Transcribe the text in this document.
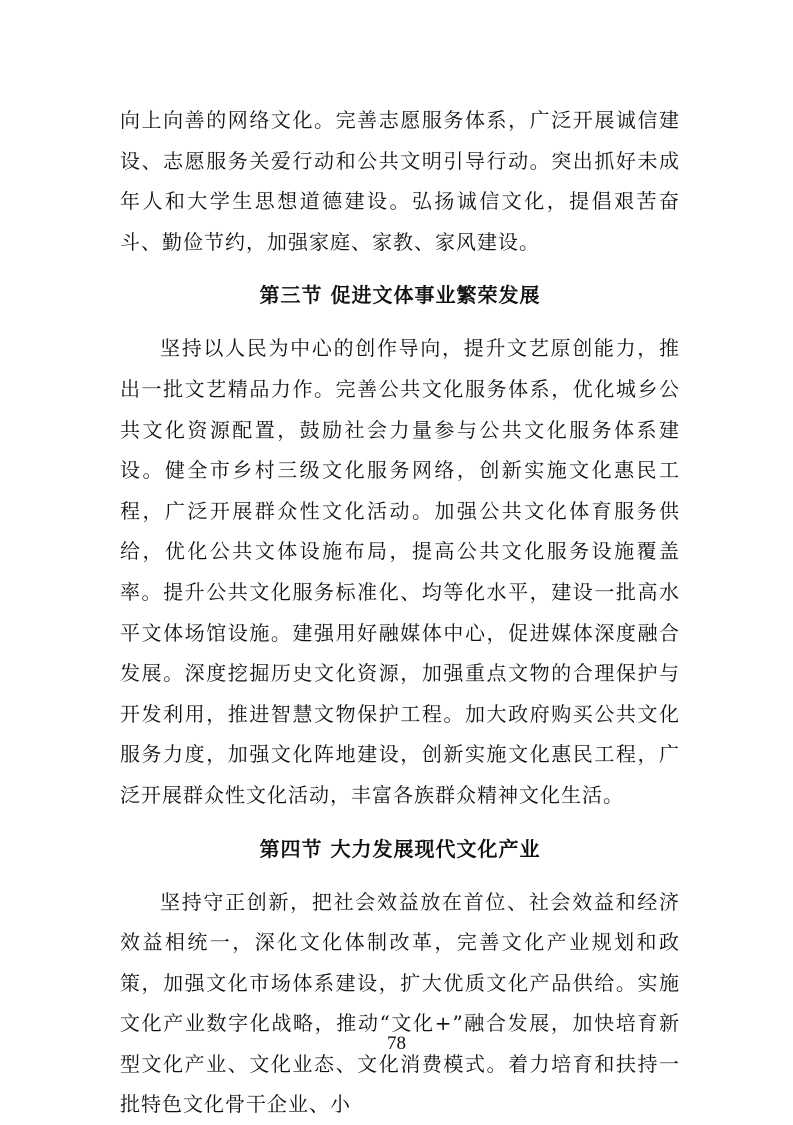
向上向善的网络文化。完善志愿服务体系，广泛开展诚信建设、志愿服务关爱行动和公共文明引导行动。突出抓好未成年人和大学生思想道德建设。弘扬诚信文化，提倡艰苦奋斗、勤俭节约，加强家庭、家教、家风建设。

第三节 促进文体事业繁荣发展

坚持以人民为中心的创作导向，提升文艺原创能力，推出一批文艺精品力作。完善公共文化服务体系，优化城乡公共文化资源配置，鼓励社会力量参与公共文化服务体系建设。健全市乡村三级文化服务网络，创新实施文化惠民工程，广泛开展群众性文化活动。加强公共文化体育服务供给，优化公共文体设施布局，提高公共文化服务设施覆盖率。提升公共文化服务标准化、均等化水平，建设一批高水平文体场馆设施。建强用好融媒体中心，促进媒体深度融合发展。深度挖掘历史文化资源，加强重点文物的合理保护与开发利用，推进智慧文物保护工程。加大政府购买公共文化服务力度，加强文化阵地建设，创新实施文化惠民工程，广泛开展群众性文化活动，丰富各族群众精神文化生活。

第四节 大力发展现代文化产业

坚持守正创新，把社会效益放在首位、社会效益和经济效益相统一，深化文化体制改革，完善文化产业规划和政策，加强文化市场体系建设，扩大优质文化产品供给。实施文化产业数字化战略，推动“文化+”融合发展，加快培育新型文化产业、文化业态、文化消费模式。着力培育和扶持一批特色文化骨干企业、小

78
